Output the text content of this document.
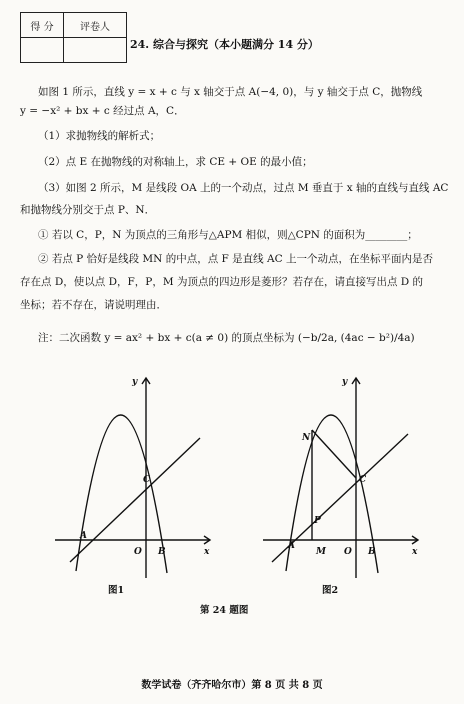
得 分	评卷人

24. 综合与探究（本小题满分 14 分）
如图 1 所示，直线 y = x + c 与 x 轴交于点 A(−4, 0)，与 y 轴交于点 C，抛物线
y = −x² + bx + c 经过点 A，C．
（1）求抛物线的解析式；
（2）点 E 在抛物线的对称轴上，求 CE + OE 的最小值；
（3）如图 2 所示，M 是线段 OA 上的一个动点，过点 M 垂直于 x 轴的直线与直线 AC
和抛物线分别交于点 P、N．
① 若以 C，P，N 为顶点的三角形与△APM 相似，则△CPN 的面积为________；
② 若点 P 恰好是线段 MN 的中点，点 F 是直线 AC 上一个动点，在坐标平面内是否
存在点 D，使以点 D，F，P，M 为顶点的四边形是菱形？若存在，请直接写出点 D 的
坐标；若不存在，请说明理由．
注：二次函数 y = ax² + bx + c(a ≠ 0) 的顶点坐标为 (−b/2a, (4ac − b²)/4a)
y
x
A
O B
C
图1
y
x
A
O B
C
N
P
M
图2
第 24 题图
数学试卷（齐齐哈尔市）第 8 页 共 8 页
